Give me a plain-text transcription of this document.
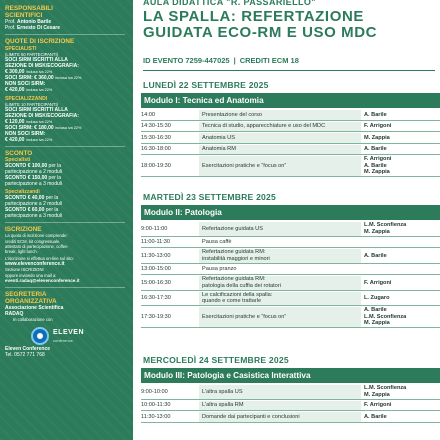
RESPONSABILI
SCIENTIFICI
Prof. Antonio Barile
Prof. Ernesto Di Cesare
QUOTE DI ISCRIZIONE
SPECIALISTI
(LIMITE 50 PARTECIPANTI)
SOCI SIRM ISCRITTI ALLA
SEZIONE DI MSK/ECOGRAFIA:
€ 300,00 inclusa iva 22%
SOCI SIRM: € 360,00 inclusa iva 22%
NON SOCI SIRM:
€ 420,00 inclusa iva 22%
SPECIALIZZANDI
(LIMITE 10 PARTECIPANTI)
SOCI SIRM ISCRITTI ALLA
SEZIONE DI MSK/ECOGRAFIA:
€ 120,00 inclusa iva 22%
SOCI SIRM: € 180,00 inclusa iva 22%
NON SOCI SIRM:
€ 420,00 inclusa iva 22%
SCONTO
Specialisti
SCONTO € 100,00 per la
partecipazione a 2 moduli
SCONTO € 150,00 per la
partecipazione a 3 moduli
Specializzandi
SCONTO € 40,00 per la
partecipazione a 2 moduli
SCONTO € 60,00 per la
partecipazione a 3 moduli
ISCRIZIONE
La quota di iscrizione comprende:
crediti ECM, kit congressuale,
attestato di partecipazione, coffee
break, light lunch.
L'iscrizione si effettua on-line sul sito:
www.elevenconference.it
Sezione ISCRIZIONI
oppure inviando una mail a:
eventi.radaq@elevenconference.it
SEGRETERIA
ORGANIZZATIVA
Associazione Scientifica
RADAQ
In collaborazione con
ELEVEN
conference
Eleven Conference
Tel. 0572 771 768
AULA DIDATTICA "R. PASSARIELLO"
LA SPALLA: REFERTAZIONE
GUIDATA ECO-RM E USO MDC
ID EVENTO 7259-447025 | CREDITI ECM 18
LUNEDÌ 22 SETTEMBRE 2025
Modulo I: Tecnica ed Anatomia
14:00	Presentazione del corso	A. Barile
14:30-15:30	Tecnica di studio, apparecchiature e uso del MDC	F. Arrigoni
15:30-16:30	Anatomia US	M. Zappia
16:30-18:00	Anatomia RM	A. Barile
18:00-19:30	Esercitazioni pratiche e “focus on”
F. Arrigoni
A. Barile
M. Zappia
MARTEDÌ 23 SETTEMBRE 2025
Modulo II: Patologia
9:00-11:00	Refertazione guidata US
L.M. Sconfienza
M. Zappia
11:00-11:30	Pausa caffè
11:30-13:00
Refertazione guidata RM:
instabilità maggiori e minori
A. Barile
13:00-15:00	Pausa pranzo
15:00-16:30
Refertazione guidata RM:
patologia della cuffia dei rotatori
F. Arrigoni
16:30-17:30
Le calcificazioni della spalla:
quando e come trattarle
L. Zugaro
17:30-19:30	Esercitazioni pratiche e “focus on”
A. Barile
L.M. Sconfienza
M. Zappia
MERCOLEDÌ 24 SETTEMBRE 2025
Modulo III: Patologia e Casistica Interattiva
9:00-10:00	L'altra spalla US
L.M. Sconfienza
M. Zappia
10:00-11:30	L'altra spalla RM	F. Arrigoni
11:30-13:00	Domande dai partecipanti e conclusioni	A. Barile
